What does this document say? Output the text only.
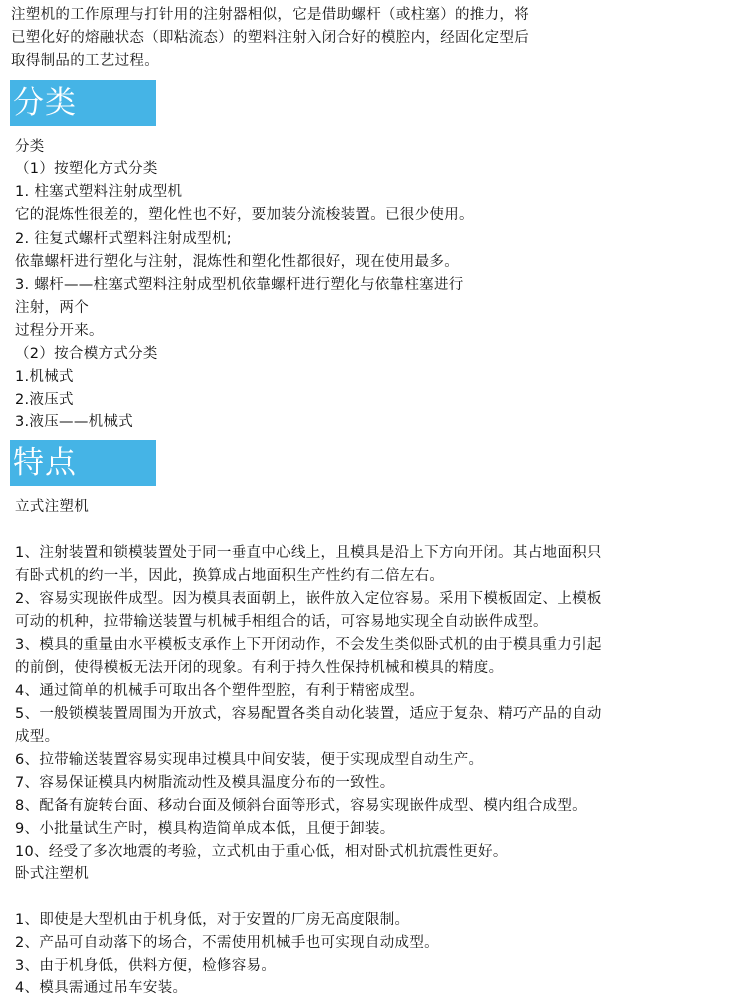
注塑机的工作原理与打针用的注射器相似，它是借助螺杆（或柱塞）的推力，将
已塑化好的熔融状态（即粘流态）的塑料注射入闭合好的模腔内，经固化定型后
取得制品的工艺过程。
分类
分类
（1）按塑化方式分类
1. 柱塞式塑料注射成型机
它的混炼性很差的，塑化性也不好，要加装分流梭装置。已很少使用。
2. 往复式螺杆式塑料注射成型机;
依靠螺杆进行塑化与注射，混炼性和塑化性都很好，现在使用最多。
3. 螺杆——柱塞式塑料注射成型机依靠螺杆进行塑化与依靠柱塞进行
注射，两个
过程分开来。
（2）按合模方式分类
1.机械式
2.液压式
3.液压——机械式
特点
立式注塑机
1、注射装置和锁模装置处于同一垂直中心线上，且模具是沿上下方向开闭。其占地面积只
有卧式机的约一半，因此，换算成占地面积生产性约有二倍左右。
2、容易实现嵌件成型。因为模具表面朝上，嵌件放入定位容易。采用下模板固定、上模板
可动的机种，拉带输送装置与机械手相组合的话，可容易地实现全自动嵌件成型。
3、模具的重量由水平模板支承作上下开闭动作，不会发生类似卧式机的由于模具重力引起
的前倒，使得模板无法开闭的现象。有利于持久性保持机械和模具的精度。
4、通过简单的机械手可取出各个塑件型腔，有利于精密成型。
5、一般锁模装置周围为开放式，容易配置各类自动化装置，适应于复杂、精巧产品的自动
成型。
6、拉带输送装置容易实现串过模具中间安装，便于实现成型自动生产。
7、容易保证模具内树脂流动性及模具温度分布的一致性。
8、配备有旋转台面、移动台面及倾斜台面等形式，容易实现嵌件成型、模内组合成型。
9、小批量试生产时，模具构造简单成本低，且便于卸装。
10、经受了多次地震的考验，立式机由于重心低，相对卧式机抗震性更好。
卧式注塑机
1、即使是大型机由于机身低，对于安置的厂房无高度限制。
2、产品可自动落下的场合，不需使用机械手也可实现自动成型。
3、由于机身低，供料方便，检修容易。
4、模具需通过吊车安装。
